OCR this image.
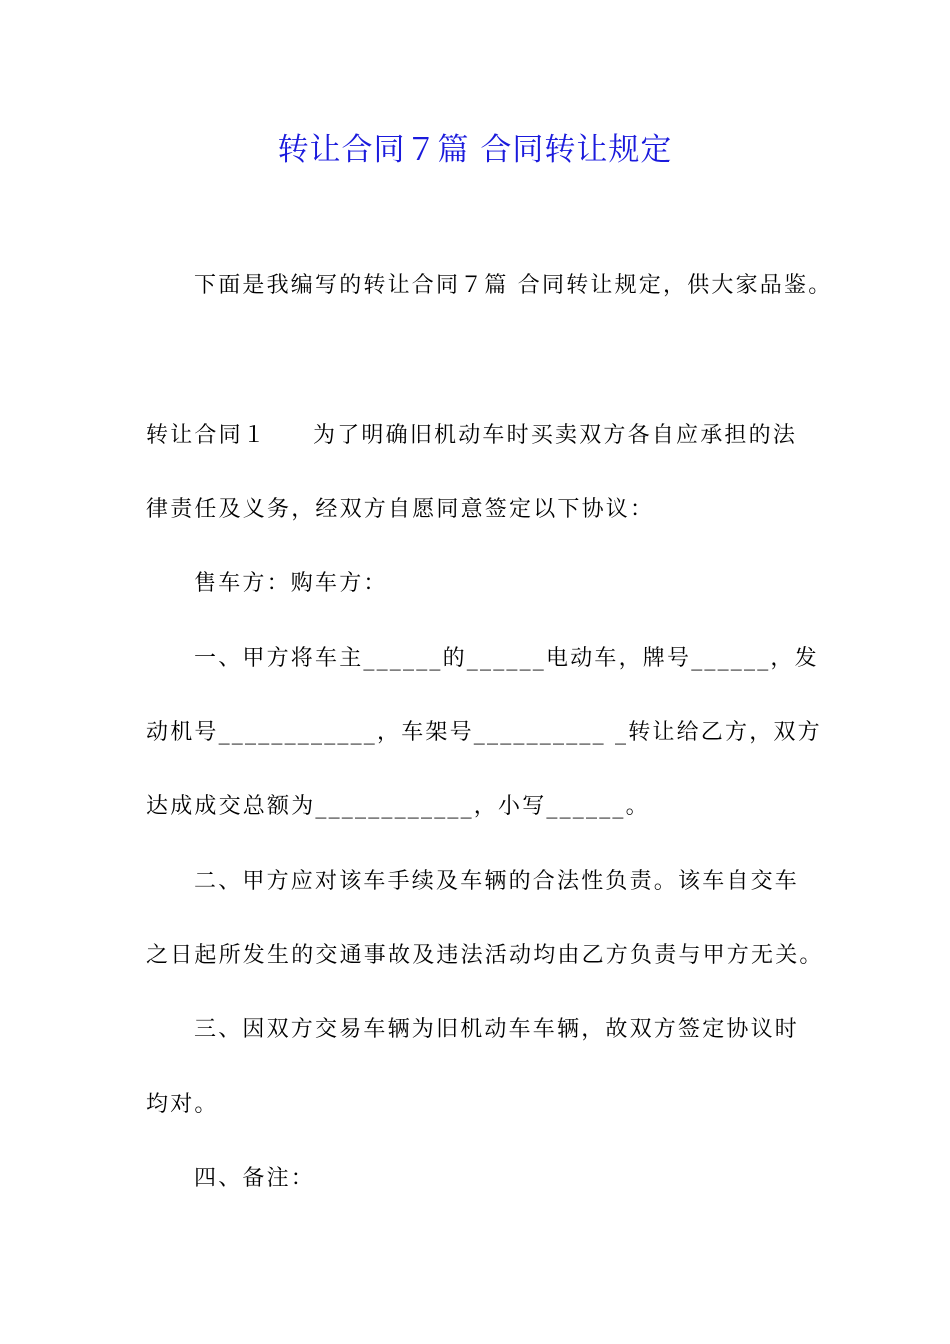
转让合同７篇 合同转让规定
下面是我编写的转让合同７篇 合同转让规定，供大家品鉴。
转让合同１ 为了明确旧机动车时买卖双方各自应承担的法
律责任及义务，经双方自愿同意签定以下协议：
售车方：购车方：
一、甲方将车主______的______电动车，牌号______，发
动机号____________，车架号__________ _转让给乙方，双方
达成成交总额为____________，小写______。
二、甲方应对该车手续及车辆的合法性负责。该车自交车
之日起所发生的交通事故及违法活动均由乙方负责与甲方无关。
三、因双方交易车辆为旧机动车车辆，故双方签定协议时
均对。
四、备注：
